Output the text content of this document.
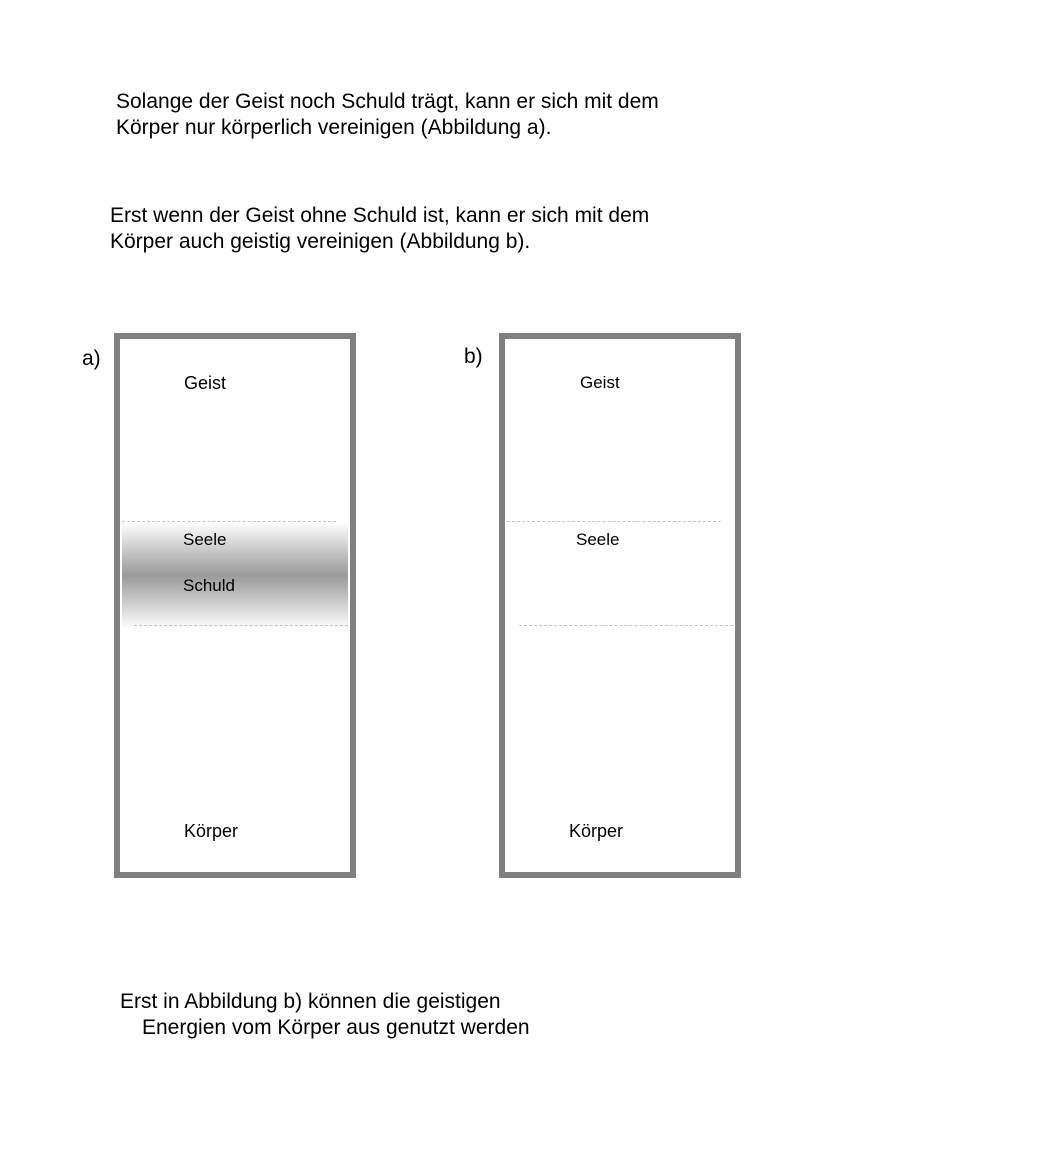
Solange der Geist noch Schuld trägt, kann er sich mit dem
Körper nur körperlich vereinigen (Abbildung a).

Erst wenn der Geist ohne Schuld ist, kann er sich mit dem
Körper auch geistig vereinigen (Abbildung b).

a)
Geist
Seele
Schuld
Körper
b)
Geist
Seele
Körper

Erst in Abbildung b) können die geistigen
Energien vom Körper aus genutzt werden
